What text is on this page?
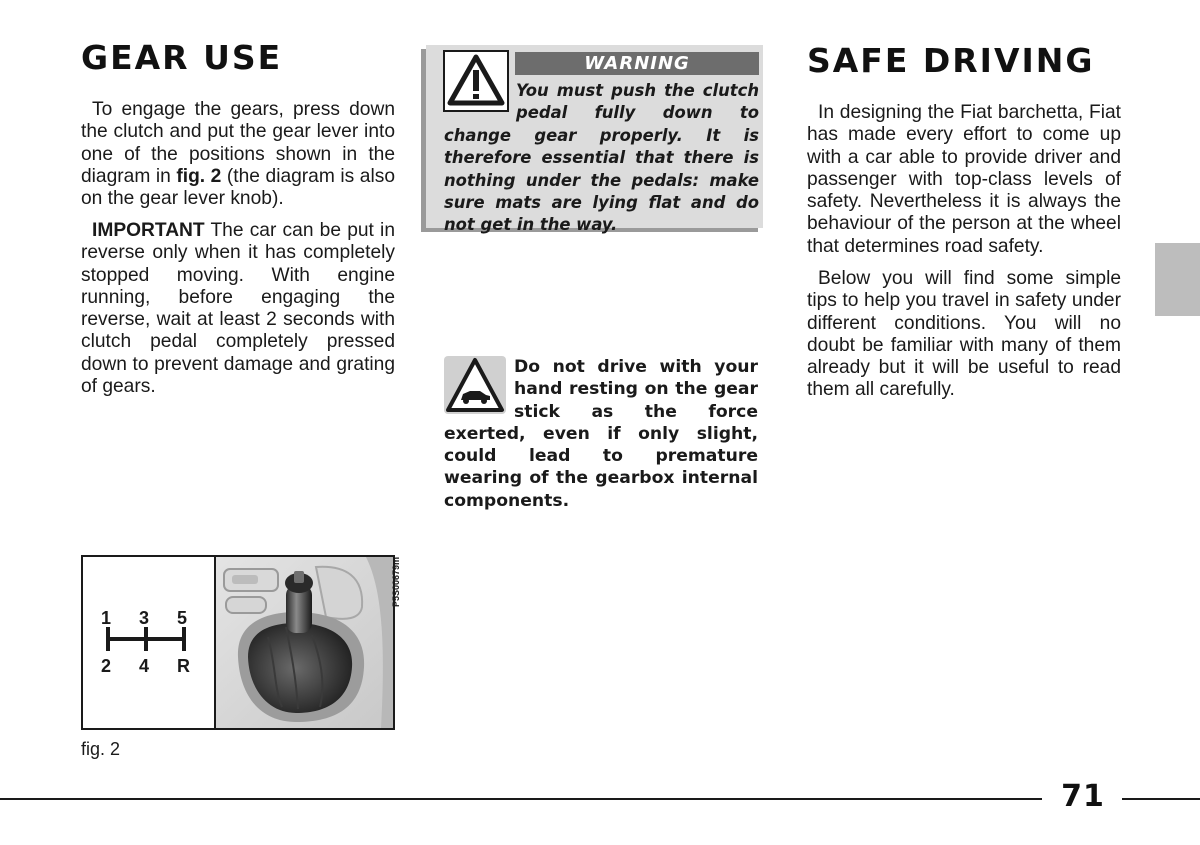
GEAR USE

To engage the gears, press down the clutch and put the gear lever into one of the positions shown in the diagram in fig. 2 (the diagram is also on the gear lever knob).

IMPORTANT The car can be put in reverse only when it has completely stopped moving. With engine running, before engaging the reverse, wait at least 2 seconds with clutch pedal completely pressed down to prevent damage and grating of gears.

WARNING

You must push the clutch pedal fully down to change gear properly. It is therefore essential that there is nothing under the pedals: make sure mats are lying flat and do not get in the way.

Do not drive with your hand resting on the gear stick as the force exerted, even if only slight, could lead to premature wearing of the gearbox internal components.

SAFE DRIVING

In designing the Fiat barchetta, Fiat has made every effort to come up with a car able to provide driver and passenger with top-class levels of safety. Nevertheless it is always the behaviour of the person at the wheel that determines road safety.

Below you will find some simple tips to help you travel in safety under different conditions. You will no doubt be familiar with many of them already but it will be useful to read them all carefully.

1 3 5
2 4 R
P5S00679m
fig. 2
71
